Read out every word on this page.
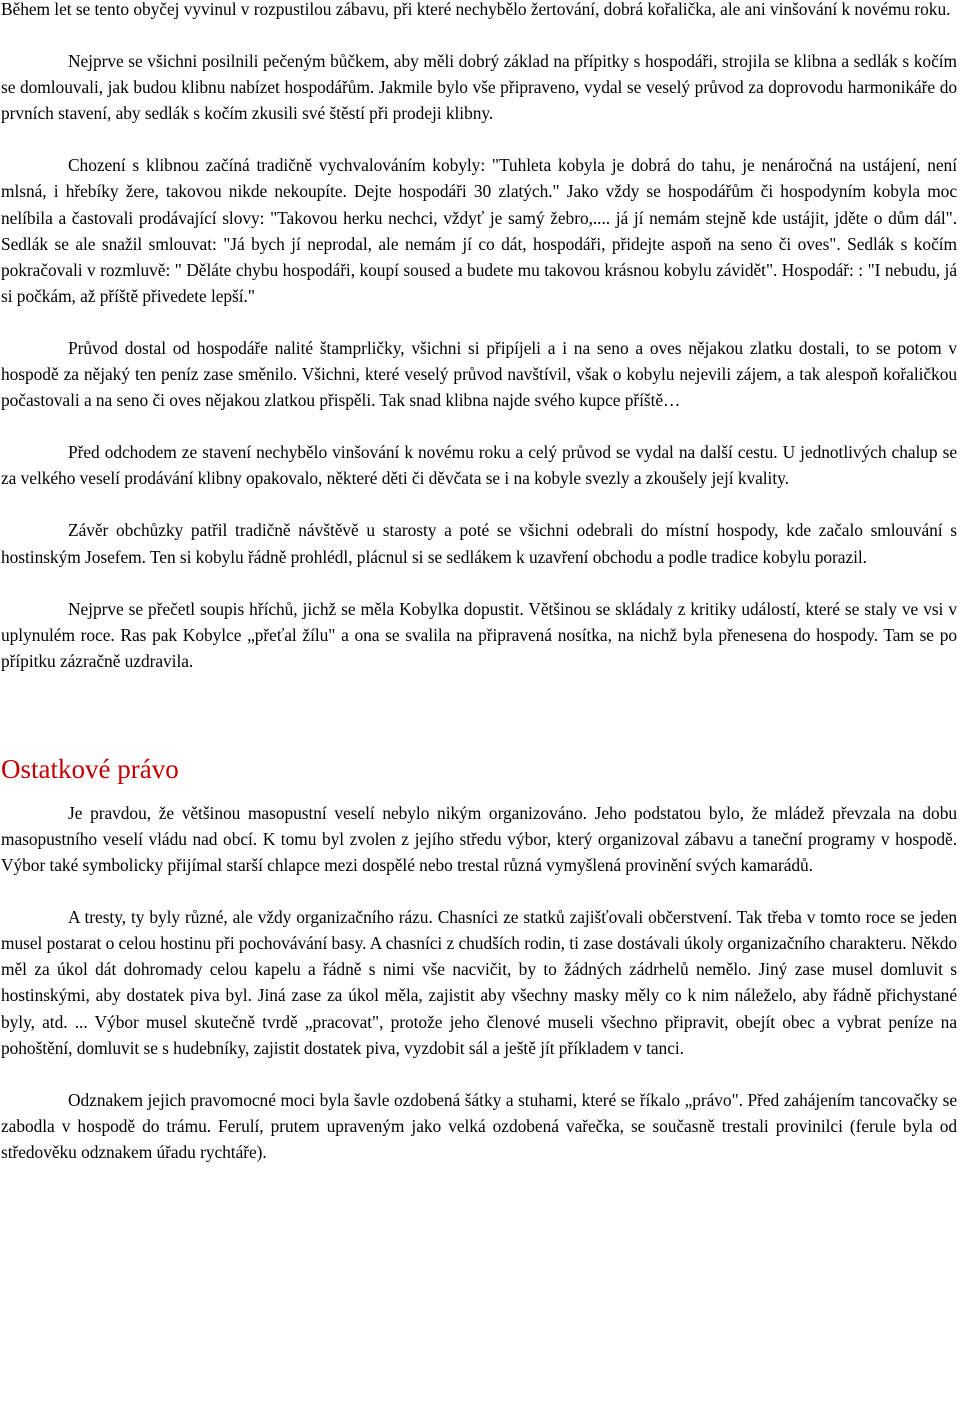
Během let se tento obyčej vyvinul v rozpustilou zábavu, při které nechybělo žertování, dobrá kořalička, ale ani vinšování k novému roku.

Nejprve se všichni posilnili pečeným bůčkem, aby měli dobrý základ na přípitky s hospodáři, strojila se klibna a sedlák s kočím se domlouvali, jak budou klibnu nabízet hospodářům. Jakmile bylo vše připraveno, vydal se veselý průvod za doprovodu harmonikáře do prvních stavení, aby sedlák s kočím zkusili své štěstí při prodeji klibny.

Chození s klibnou začíná tradičně vychvalováním kobyly: "Tuhleta kobyla je dobrá do tahu, je nenáročná na ustájení, není mlsná, i hřebíky žere, takovou nikde nekoupíte. Dejte hospodáři 30 zlatých." Jako vždy se hospodářům či hospodyním kobyla moc nelíbila a častovali prodávající slovy: "Takovou herku nechci, vždyť je samý žebro,.... já jí nemám stejně kde ustájit, jděte o dům dál". Sedlák se ale snažil smlouvat: "Já bych jí neprodal, ale nemám jí co dát, hospodáři, přidejte aspoň na seno či oves". Sedlák s kočím pokračovali v rozmluvě: " Děláte chybu hospodáři, koupí soused a budete mu takovou krásnou kobylu závidět". Hospodář: : "I nebudu, já si počkám, až příště přivedete lepší."

Průvod dostal od hospodáře nalité štamprličky, všichni si připíjeli a i na seno a oves nějakou zlatku dostali, to se potom v hospodě za nějaký ten peníz zase směnilo. Všichni, které veselý průvod navštívil, však o kobylu nejevili zájem, a tak alespoň kořaličkou počastovali a na seno či oves nějakou zlatkou přispěli. Tak snad klibna najde svého kupce příště…

Před odchodem ze stavení nechybělo vinšování k novému roku a celý průvod se vydal na další cestu. U jednotlivých chalup se za velkého veselí prodávání klibny opakovalo, některé děti či děvčata se i na kobyle svezly a zkoušely její kvality.

Závěr obchůzky patřil tradičně návštěvě u starosty a poté se všichni odebrali do místní hospody, kde začalo smlouvání s hostinským Josefem. Ten si kobylu řádně prohlédl, plácnul si se sedlákem k uzavření obchodu a podle tradice kobylu porazil.

Nejprve se přečetl soupis hříchů, jichž se měla Kobylka dopustit. Většinou se skládaly z kritiky událostí, které se staly ve vsi v uplynulém roce. Ras pak Kobylce „přeťal žílu" a ona se svalila na připravená nosítka, na nichž byla přenesena do hospody. Tam se po přípitku zázračně uzdravila.

Ostatkové právo

Je pravdou, že většinou masopustní veselí nebylo nikým organizováno. Jeho podstatou bylo, že mládež převzala na dobu masopustního veselí vládu nad obcí. K tomu byl zvolen z jejího středu výbor, který organizoval zábavu a taneční programy v hospodě. Výbor také symbolicky přijímal starší chlapce mezi dospělé nebo trestal různá vymyšlená provinění svých kamarádů.

A tresty, ty byly různé, ale vždy organizačního rázu. Chasníci ze statků zajišťovali občerstvení. Tak třeba v tomto roce se jeden musel postarat o celou hostinu při pochovávání basy. A chasníci z chudších rodin, ti zase dostávali úkoly organizačního charakteru. Někdo měl za úkol dát dohromady celou kapelu a řádně s nimi vše nacvičit, by to žádných zádrhelů nemělo. Jiný zase musel domluvit s hostinskými, aby dostatek piva byl. Jiná zase za úkol měla, zajistit aby všechny masky měly co k nim náleželo, aby řádně přichystané byly, atd. ... Výbor musel skutečně tvrdě „pracovat", protože jeho členové museli všechno připravit, obejít obec a vybrat peníze na pohoštění, domluvit se s hudebníky, zajistit dostatek piva, vyzdobit sál a ještě jít příkladem v tanci.

Odznakem jejich pravomocné moci byla šavle ozdobená šátky a stuhami, které se říkalo „právo". Před zahájením tancovačky se zabodla v hospodě do trámu. Ferulí, prutem upraveným jako velká ozdobená vařečka, se současně trestali provinilci (ferule byla od středověku odznakem úřadu rychtáře).
